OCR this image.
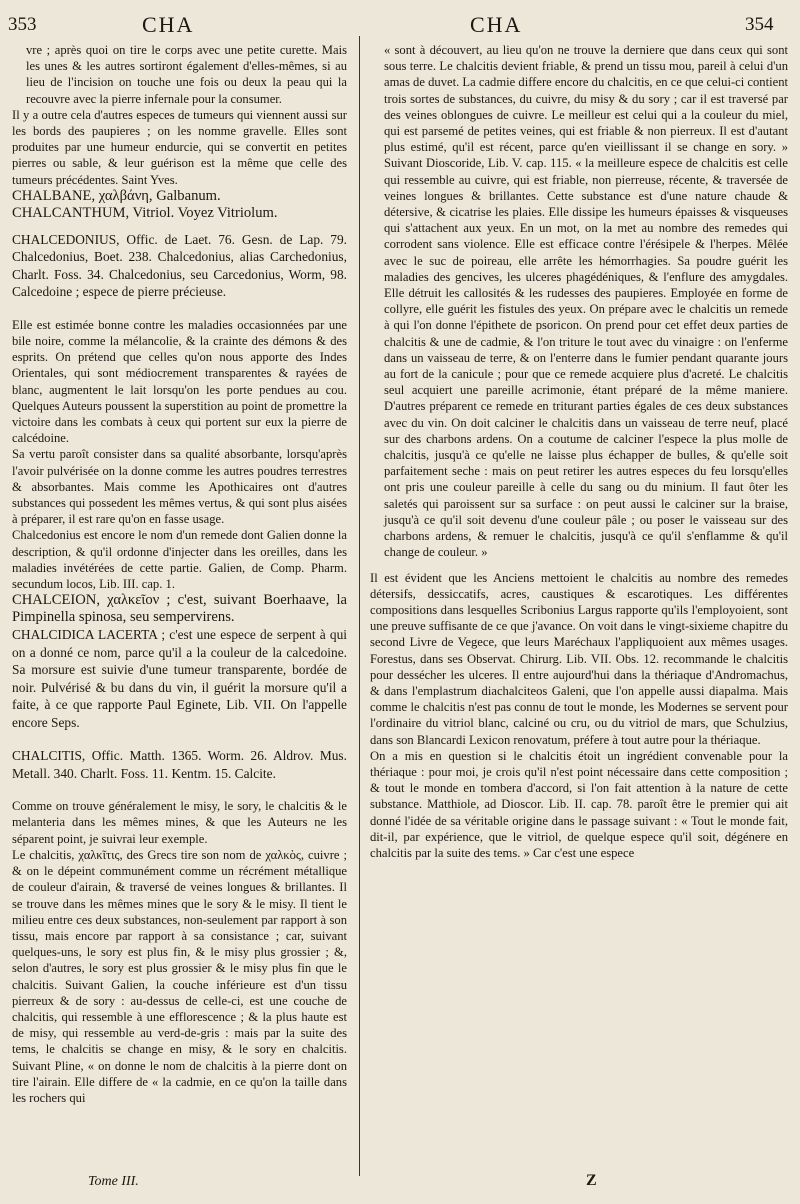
353	CHA	CHA	354

vre ; après quoi on tire le corps avec une petite curette. Mais les unes & les autres sortiront également d'elles-mêmes, si au lieu de l'incision on touche une fois ou deux la peau qui la recouvre avec la pierre infernale pour la consumer.

Il y a outre cela d'autres especes de tumeurs qui viennent aussi sur les bords des paupieres ; on les nomme gravelle. Elles sont produites par une humeur endurcie, qui se convertit en petites pierres ou sable, & leur guérison est la même que celle des tumeurs précédentes. Saint Yves.

CHALBANE, χαλβάνη, Galbanum.

CHALCANTHUM, Vitriol. Voyez Vitriolum.

CHALCEDONIUS, Offic. de Laet. 76. Gesn. de Lap. 79. Chalcedonius, Boet. 238. Chalcedonius, alias Carchedonius, Charlt. Foss. 34. Chalcedonius, seu Carcedonius, Worm, 98. Calcedoine ; espece de pierre précieuse.

Elle est estimée bonne contre les maladies occasionnées par une bile noire, comme la mélancolie, & la crainte des démons & des esprits. On prétend que celles qu'on nous apporte des Indes Orientales, qui sont médiocrement transparentes & rayées de blanc, augmentent le lait lorsqu'on les porte pendues au cou. Quelques Auteurs poussent la superstition au point de promettre la victoire dans les combats à ceux qui portent sur eux la pierre de calcédoine.

Sa vertu paroît consister dans sa qualité absorbante, lorsqu'après l'avoir pulvérisée on la donne comme les autres poudres terrestres & absorbantes. Mais comme les Apothicaires ont d'autres substances qui possedent les mêmes vertus, & qui sont plus aisées à préparer, il est rare qu'on en fasse usage.

Chalcedonius est encore le nom d'un remede dont Galien donne la description, & qu'il ordonne d'injecter dans les oreilles, dans les maladies invétérées de cette partie. Galien, de Comp. Pharm. secundum locos, Lib. III. cap. 1.

CHALCEION, χαλκεῖον ; c'est, suivant Boerhaave, la Pimpinella spinosa, seu sempervirens.

CHALCIDICA LACERTA ; c'est une espece de serpent à qui on a donné ce nom, parce qu'il a la couleur de la calcedoine. Sa morsure est suivie d'une tumeur transparente, bordée de noir. Pulvérisé & bu dans du vin, il guérit la morsure qu'il a faite, à ce que rapporte Paul Eginete, Lib. VII. On l'appelle encore Seps.

CHALCITIS, Offic. Matth. 1365. Worm. 26. Aldrov. Mus. Metall. 340. Charlt. Foss. 11. Kentm. 15. Calcite.

Comme on trouve généralement le misy, le sory, le chalcitis & le melanteria dans les mêmes mines, & que les Auteurs ne les séparent point, je suivrai leur exemple.

Le chalcitis, χαλκῖτις, des Grecs tire son nom de χαλκὸς, cuivre ; & on le dépeint communément comme un récrément métallique de couleur d'airain, & traversé de veines longues & brillantes. Il se trouve dans les mêmes mines que le sory & le misy. Il tient le milieu entre ces deux substances, non-seulement par rapport à son tissu, mais encore par rapport à sa consistance ; car, suivant quelques-uns, le sory est plus fin, & le misy plus grossier ; &, selon d'autres, le sory est plus grossier & le misy plus fin que le chalcitis. Suivant Galien, la couche inférieure est d'un tissu pierreux & de sory : au-dessus de celle-ci, est une couche de chalcitis, qui ressemble à une efflorescence ; & la plus haute est de misy, qui ressemble au verd-de-gris : mais par la suite des tems, le chalcitis se change en misy, & le sory en chalcitis. Suivant Pline, « on donne le nom de chalcitis à la pierre dont on tire l'airain. Elle differe de « la cadmie, en ce qu'on la taille dans les rochers qui

« sont à découvert, au lieu qu'on ne trouve la derniere que dans ceux qui sont sous terre. Le chalcitis devient friable, & prend un tissu mou, pareil à celui d'un amas de duvet. La cadmie differe encore du chalcitis, en ce que celui-ci contient trois sortes de substances, du cuivre, du misy & du sory ; car il est traversé par des veines oblongues de cuivre. Le meilleur est celui qui a la couleur du miel, qui est parsemé de petites veines, qui est friable & non pierreux. Il est d'autant plus estimé, qu'il est récent, parce qu'en vieillissant il se change en sory. » Suivant Dioscoride, Lib. V. cap. 115. « la meilleure espece de chalcitis est celle qui ressemble au cuivre, qui est friable, non pierreuse, récente, & traversée de veines longues & brillantes. Cette substance est d'une nature chaude & détersive, & cicatrise les plaies. Elle dissipe les humeurs épaisses & visqueuses qui s'attachent aux yeux. En un mot, on la met au nombre des remedes qui corrodent sans violence. Elle est efficace contre l'érésipele & l'herpes. Mêlée avec le suc de poireau, elle arrête les hémorrhagies. Sa poudre guérit les maladies des gencives, les ulceres phagédéniques, & l'enflure des amygdales. Elle détruit les callosités & les rudesses des paupieres. Employée en forme de collyre, elle guérit les fistules des yeux. On prépare avec le chalcitis un remede à qui l'on donne l'épithete de psoricon. On prend pour cet effet deux parties de chalcitis & une de cadmie, & l'on triture le tout avec du vinaigre : on l'enferme dans un vaisseau de terre, & on l'enterre dans le fumier pendant quarante jours au fort de la canicule ; pour que ce remede acquiere plus d'acreté. Le chalcitis seul acquiert une pareille acrimonie, étant préparé de la même maniere. D'autres préparent ce remede en triturant parties égales de ces deux substances avec du vin. On doit calciner le chalcitis dans un vaisseau de terre neuf, placé sur des charbons ardens. On a coutume de calciner l'espece la plus molle de chalcitis, jusqu'à ce qu'elle ne laisse plus échapper de bulles, & qu'elle soit parfaitement seche : mais on peut retirer les autres especes du feu lorsqu'elles ont pris une couleur pareille à celle du sang ou du minium. Il faut ôter les saletés qui paroissent sur sa surface : on peut aussi le calciner sur la braise, jusqu'à ce qu'il soit devenu d'une couleur pâle ; ou poser le vaisseau sur des charbons ardens, & remuer le chalcitis, jusqu'à ce qu'il s'enflamme & qu'il change de couleur. »

Il est évident que les Anciens mettoient le chalcitis au nombre des remedes détersifs, dessiccatifs, acres, caustiques & escarotiques. Les différentes compositions dans lesquelles Scribonius Largus rapporte qu'ils l'employoient, sont une preuve suffisante de ce que j'avance. On voit dans le vingt-sixieme chapitre du second Livre de Vegece, que leurs Maréchaux l'appliquoient aux mêmes usages. Forestus, dans ses Observat. Chirurg. Lib. VII. Obs. 12. recommande le chalcitis pour dessécher les ulceres. Il entre aujourd'hui dans la thériaque d'Andromachus, & dans l'emplastrum diachalciteos Galeni, que l'on appelle aussi diapalma. Mais comme le chalcitis n'est pas connu de tout le monde, les Modernes se servent pour l'ordinaire du vitriol blanc, calciné ou cru, ou du vitriol de mars, que Schulzius, dans son Blancardi Lexicon renovatum, préfere à tout autre pour la thériaque.

On a mis en question si le chalcitis étoit un ingrédient convenable pour la thériaque : pour moi, je crois qu'il n'est point nécessaire dans cette composition ; & tout le monde en tombera d'accord, si l'on fait attention à la nature de cette substance. Matthiole, ad Dioscor. Lib. II. cap. 78. paroît être le premier qui ait donné l'idée de sa véritable origine dans le passage suivant : « Tout le monde fait, dit-il, par expérience, que le vitriol, de quelque espece qu'il soit, dégénere en chalcitis par la suite des tems. » Car c'est une espece

Tome III.	Z
